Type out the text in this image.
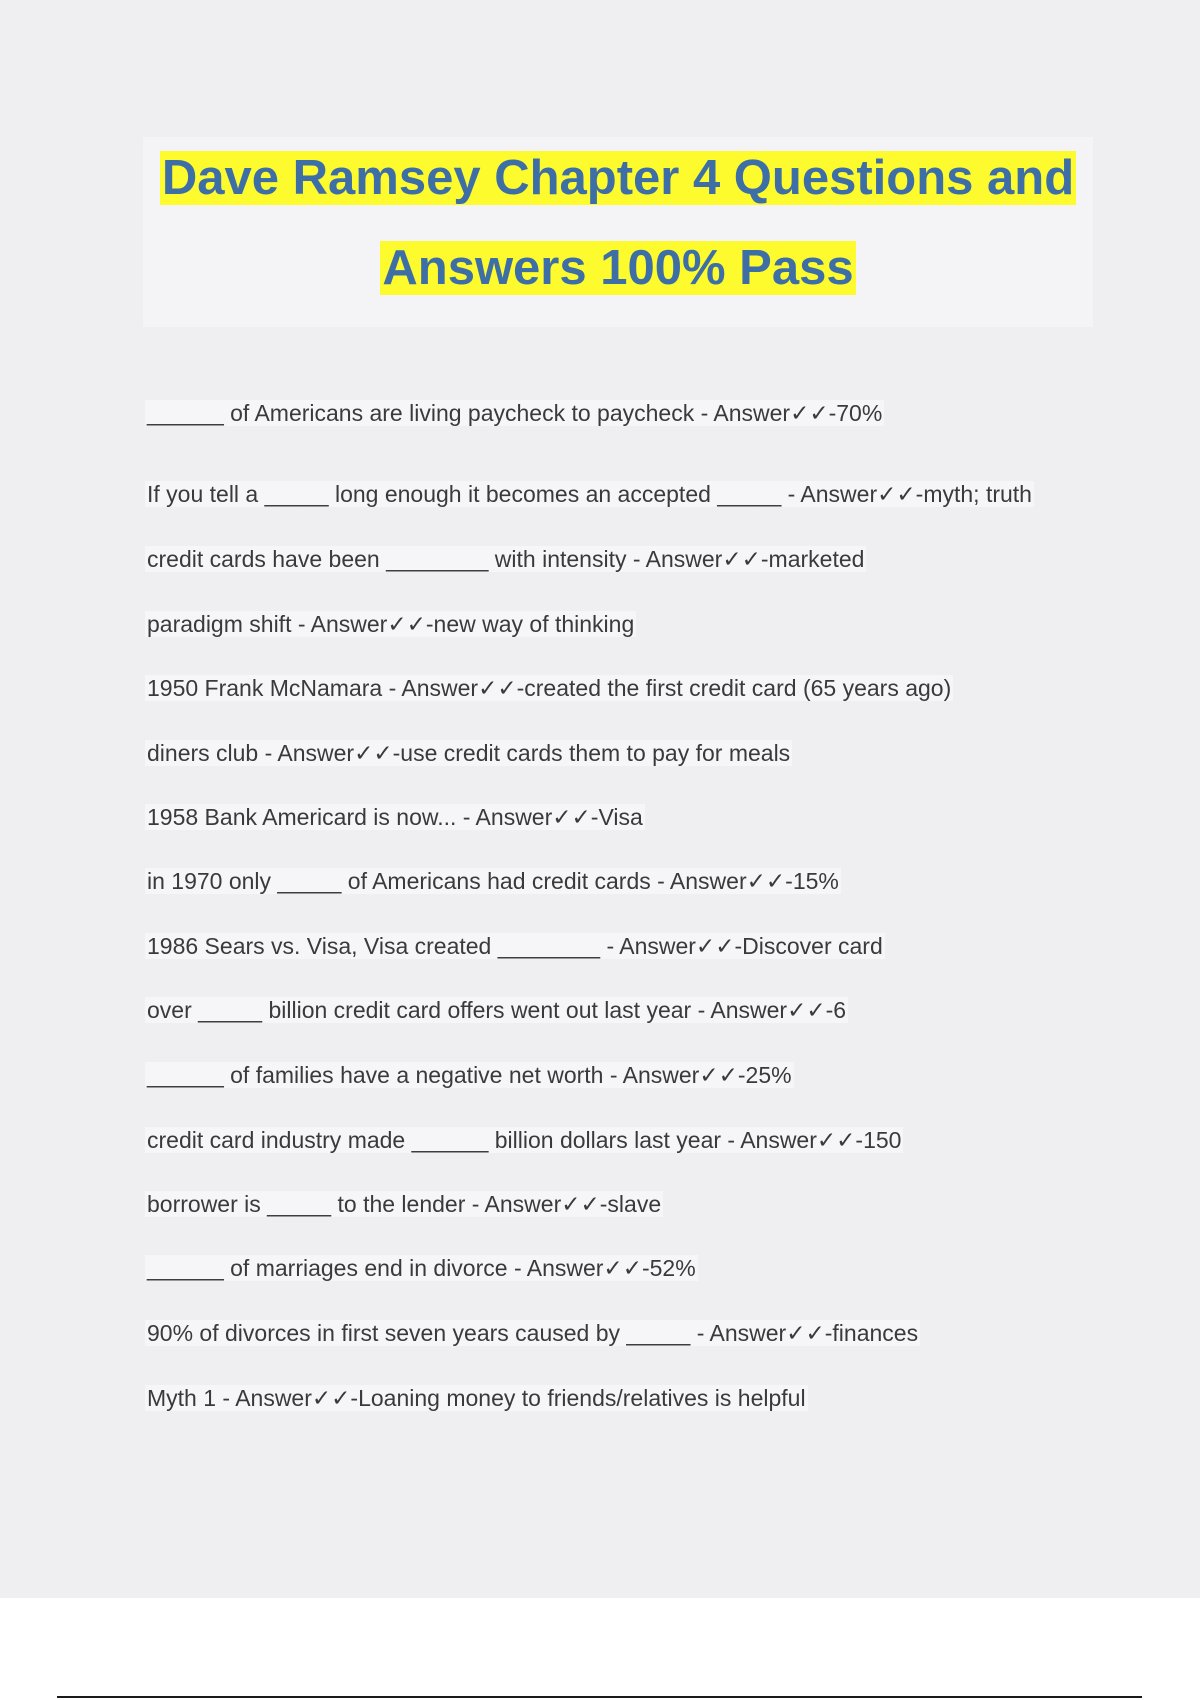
Dave Ramsey Chapter 4 Questions and
Answers 100% Pass
______ of Americans are living paycheck to paycheck - Answer✓✓-70%
If you tell a _____ long enough it becomes an accepted _____ - Answer✓✓-myth; truth
credit cards have been ________ with intensity - Answer✓✓-marketed
paradigm shift - Answer✓✓-new way of thinking
1950 Frank McNamara - Answer✓✓-created the first credit card (65 years ago)
diners club - Answer✓✓-use credit cards them to pay for meals
1958 Bank Americard is now... - Answer✓✓-Visa
in 1970 only _____ of Americans had credit cards - Answer✓✓-15%
1986 Sears vs. Visa, Visa created ________ - Answer✓✓-Discover card
over _____ billion credit card offers went out last year - Answer✓✓-6
______ of families have a negative net worth - Answer✓✓-25%
credit card industry made ______ billion dollars last year - Answer✓✓-150
borrower is _____ to the lender - Answer✓✓-slave
______ of marriages end in divorce - Answer✓✓-52%
90% of divorces in first seven years caused by _____ - Answer✓✓-finances
Myth 1 - Answer✓✓-Loaning money to friends/relatives is helpful
